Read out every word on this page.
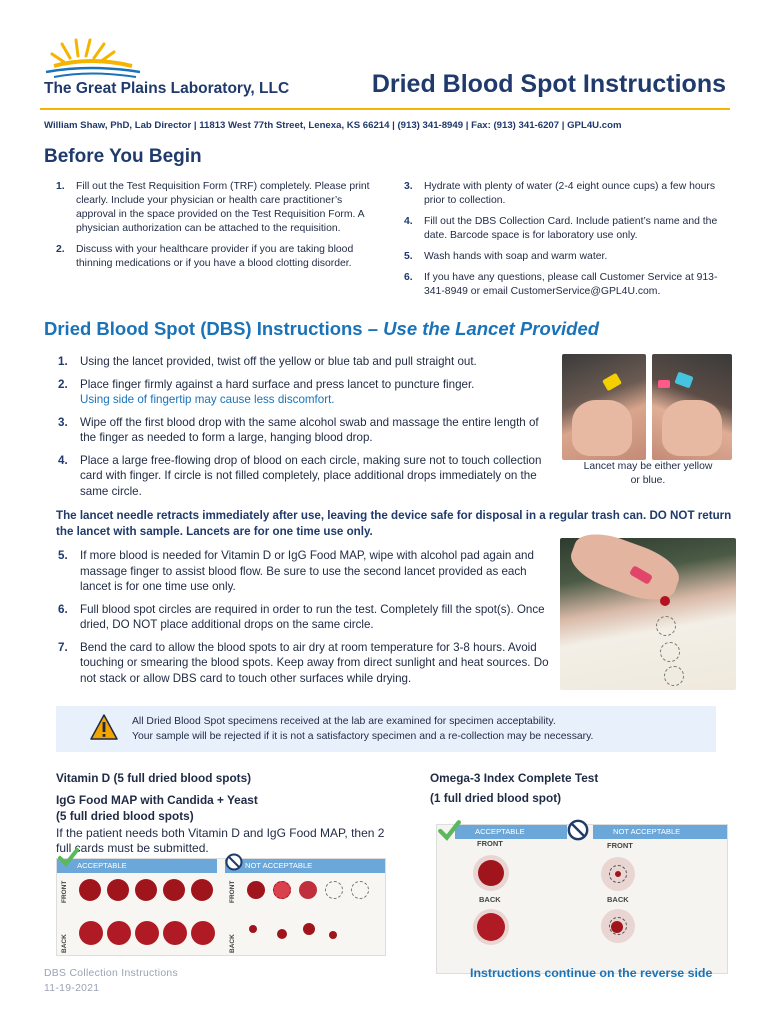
The Great Plains Laboratory, LLC	Dried Blood Spot Instructions
William Shaw, PhD, Lab Director | 11813 West 77th Street, Lenexa, KS 66214 | (913) 341-8949 | Fax: (913) 341-6207 | GPL4U.com
Before You Begin
1. Fill out the Test Requisition Form (TRF) completely. Please print clearly. Include your physician or health care practitioner’s approval in the space provided on the Test Requisition Form. A physician authorization can be attached to the requisition.
2. Discuss with your healthcare provider if you are taking blood thinning medications or if you have a blood clotting disorder.
3. Hydrate with plenty of water (2-4 eight ounce cups) a few hours prior to collection.
4. Fill out the DBS Collection Card. Include patient’s name and the date. Barcode space is for laboratory use only.
5. Wash hands with soap and warm water.
6. If you have any questions, please call Customer Service at 913-341-8949 or email CustomerService@GPL4U.com.
Dried Blood Spot (DBS) Instructions – Use the Lancet Provided
1. Using the lancet provided, twist off the yellow or blue tab and pull straight out.
2. Place finger firmly against a hard surface and press lancet to puncture finger.
Using side of fingertip may cause less discomfort.
3. Wipe off the first blood drop with the same alcohol swab and massage the entire length of the finger as needed to form a large, hanging blood drop.
4. Place a large free-flowing drop of blood on each circle, making sure not to touch collection card with finger. If circle is not filled completely, place additional drops immediately on the same circle.
Lancet may be either yellow or blue.
The lancet needle retracts immediately after use, leaving the device safe for disposal in a regular trash can. DO NOT return the lancet with sample. Lancets are for one time use only.
5. If more blood is needed for Vitamin D or IgG Food MAP, wipe with alcohol pad again and massage finger to assist blood flow. Be sure to use the second lancet provided as each lancet is for one time use only.
6. Full blood spot circles are required in order to run the test. Completely fill the spot(s). Once dried, DO NOT place additional drops on the same circle.
7. Bend the card to allow the blood spots to air dry at room temperature for 3-8 hours. Avoid touching or smearing the blood spots. Keep away from direct sunlight and heat sources. Do not stack or allow DBS card to touch other surfaces while drying.
All Dried Blood Spot specimens received at the lab are examined for specimen acceptability.
Your sample will be rejected if it is not a satisfactory specimen and a re-collection may be necessary.
Vitamin D (5 full dried blood spots)
IgG Food MAP with Candida + Yeast
(5 full dried blood spots)
If the patient needs both Vitamin D and IgG Food MAP, then 2 full cards must be submitted.
ACCEPTABLE
FRONT
BACK
NOT ACCEPTABLE
FRONT
BACK
Omega-3 Index Complete Test
(1 full dried blood spot)
ACCEPTABLE
FRONT
BACK
NOT ACCEPTABLE
FRONT
BACK
DBS Collection Instructions
11-19-2021
Instructions continue on the reverse side
